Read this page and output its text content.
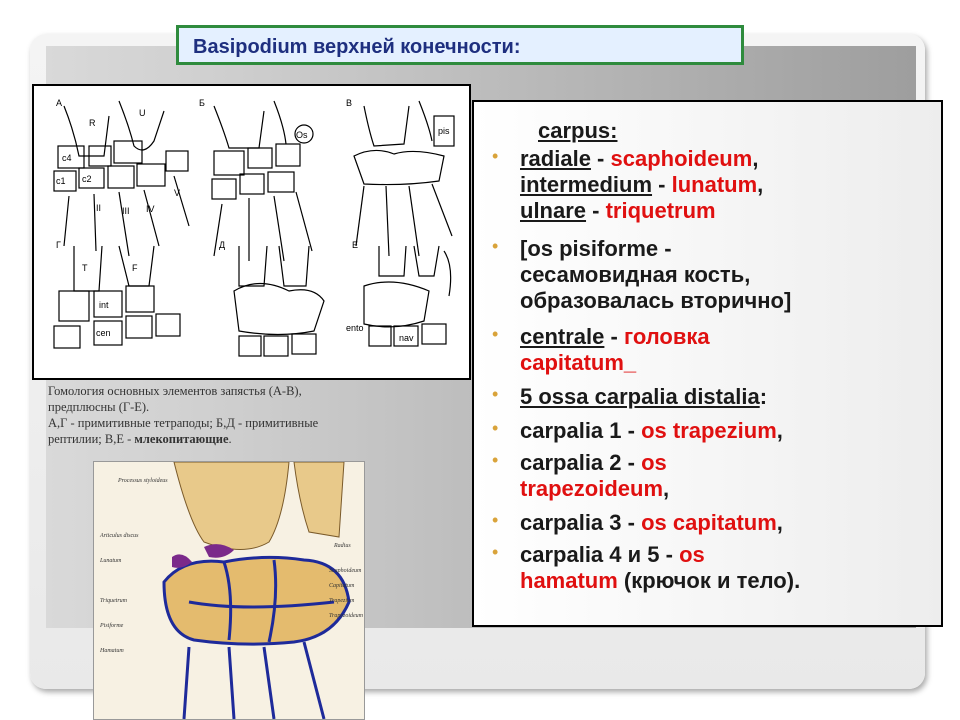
Basipodium верхней конечности:
А	Б	В
Г	Д	Е
R
U
c4
c1 c2
Оs	pis
T	F
int
cen	nav
ento
II III IV
V
Гомология основных элементов запястья (А-В),
предплюсны (Г-Е).
А,Г - примитивные тетраподы; Б,Д - примитивные
рептилии; В,Е - млекопитающие.
Processus styloideus
Articulus discus
Lunatum
Triquetrum
Pisiforme
Hamatum
Radius
Scaphoideum
Capitatum
Trapezium
Trapezoideum
carpus:
• radiale - scaphoideum,
intermedium - lunatum,
ulnare - triquetrum
• [os pisiforme -
сесамовидная кость,
образовалась вторично]
• centrale - головка
capitatum_
• 5 ossa carpalia distalia:
• carpalia 1 - os trapezium,
• carpalia 2 - os
trapezoideum,
• carpalia 3 - os capitatum,
• carpalia 4 и 5 - os
hamatum (крючок и тело).
